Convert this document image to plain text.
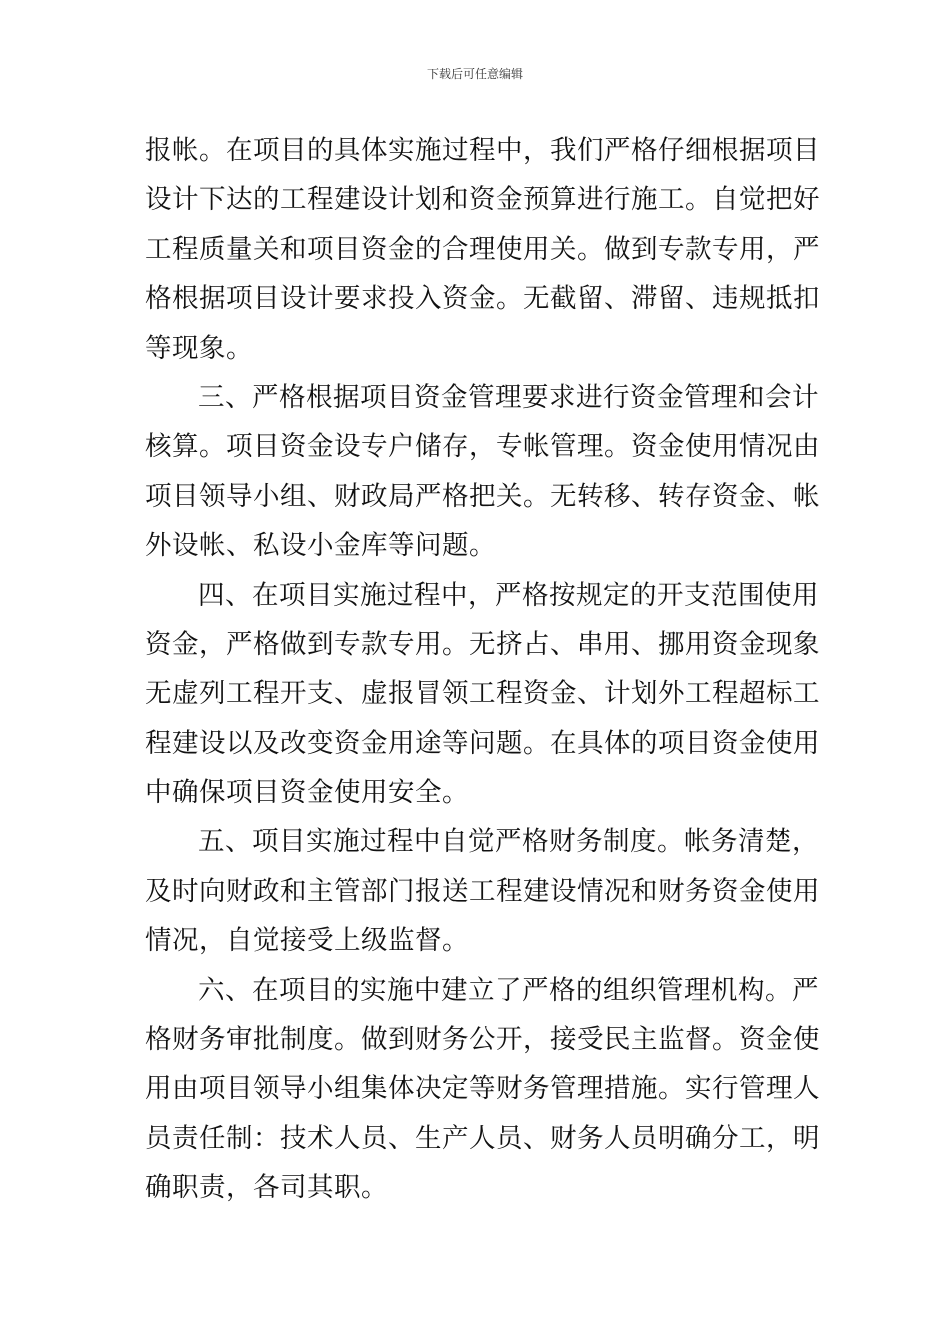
下载后可任意编辑

报帐。在项目的具体实施过程中，我们严格仔细根据项目
设计下达的工程建设计划和资金预算进行施工。自觉把好
工程质量关和项目资金的合理使用关。做到专款专用，严
格根据项目设计要求投入资金。无截留、滞留、违规抵扣
等现象。

三、严格根据项目资金管理要求进行资金管理和会计
核算。项目资金设专户储存，专帐管理。资金使用情况由
项目领导小组、财政局严格把关。无转移、转存资金、帐
外设帐、私设小金库等问题。

四、在项目实施过程中，严格按规定的开支范围使用
资金，严格做到专款专用。无挤占、串用、挪用资金现象
无虚列工程开支、虚报冒领工程资金、计划外工程超标工
程建设以及改变资金用途等问题。在具体的项目资金使用
中确保项目资金使用安全。

五、项目实施过程中自觉严格财务制度。帐务清楚，
及时向财政和主管部门报送工程建设情况和财务资金使用
情况，自觉接受上级监督。

六、在项目的实施中建立了严格的组织管理机构。严
格财务审批制度。做到财务公开，接受民主监督。资金使
用由项目领导小组集体决定等财务管理措施。实行管理人
员责任制：技术人员、生产人员、财务人员明确分工，明
确职责，各司其职。
